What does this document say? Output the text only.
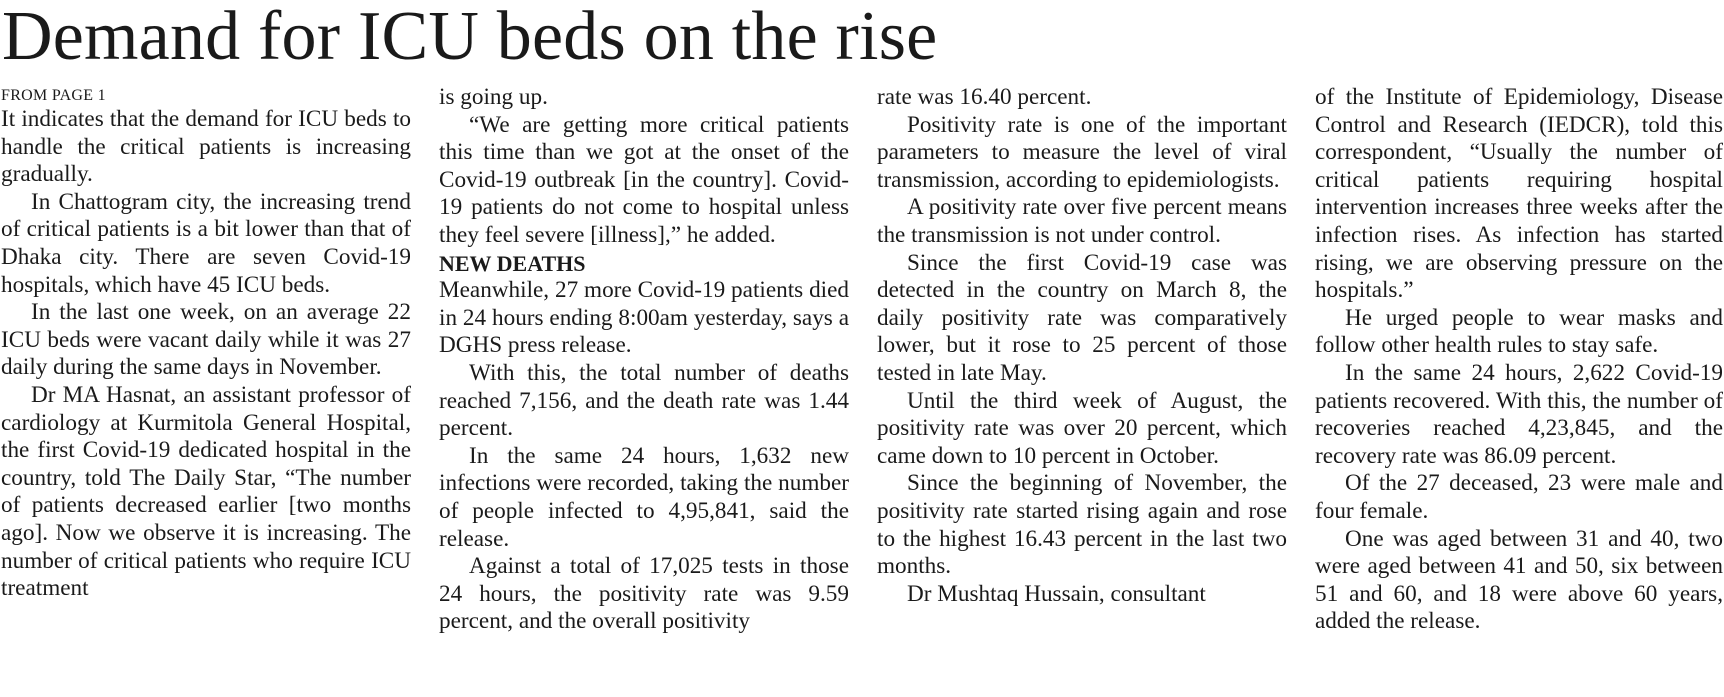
Demand for ICU beds on the rise
FROM PAGE 1

It indicates that the demand for ICU beds to handle the critical patients is increasing gradually.

In Chattogram city, the increasing trend of critical patients is a bit lower than that of Dhaka city. There are seven Covid-19 hospitals, which have 45 ICU beds.

In the last one week, on an average 22 ICU beds were vacant daily while it was 27 daily during the same days in November.

Dr MA Hasnat, an assistant professor of cardiology at Kurmitola General Hospital, the first Covid-19 dedicated hospital in the country, told The Daily Star, “The number of patients decreased earlier [two months ago]. Now we observe it is increasing. The number of critical patients who require ICU treatment

is going up.

“We are getting more critical patients this time than we got at the onset of the Covid-19 outbreak [in the country]. Covid-19 patients do not come to hospital unless they feel severe [illness],” he added.

NEW DEATHS

Meanwhile, 27 more Covid-19 patients died in 24 hours ending 8:00am yesterday, says a DGHS press release.

With this, the total number of deaths reached 7,156, and the death rate was 1.44 percent.

In the same 24 hours, 1,632 new infections were recorded, taking the number of people infected to 4,95,841, said the release.

Against a total of 17,025 tests in those 24 hours, the positivity rate was 9.59 percent, and the overall positivity

rate was 16.40 percent.

Positivity rate is one of the important parameters to measure the level of viral transmission, according to epidemiologists.

A positivity rate over five percent means the transmission is not under control.

Since the first Covid-19 case was detected in the country on March 8, the daily positivity rate was comparatively lower, but it rose to 25 percent of those tested in late May.

Until the third week of August, the positivity rate was over 20 percent, which came down to 10 percent in October.

Since the beginning of November, the positivity rate started rising again and rose to the highest 16.43 percent in the last two months.

Dr Mushtaq Hussain, consultant

of the Institute of Epidemiology, Disease Control and Research (IEDCR), told this correspondent, “Usually the number of critical patients requiring hospital intervention increases three weeks after the infection rises. As infection has started rising, we are observing pressure on the hospitals.”

He urged people to wear masks and follow other health rules to stay safe.

In the same 24 hours, 2,622 Covid-19 patients recovered. With this, the number of recoveries reached 4,23,845, and the recovery rate was 86.09 percent.

Of the 27 deceased, 23 were male and four female.

One was aged between 31 and 40, two were aged between 41 and 50, six between 51 and 60, and 18 were above 60 years, added the release.
